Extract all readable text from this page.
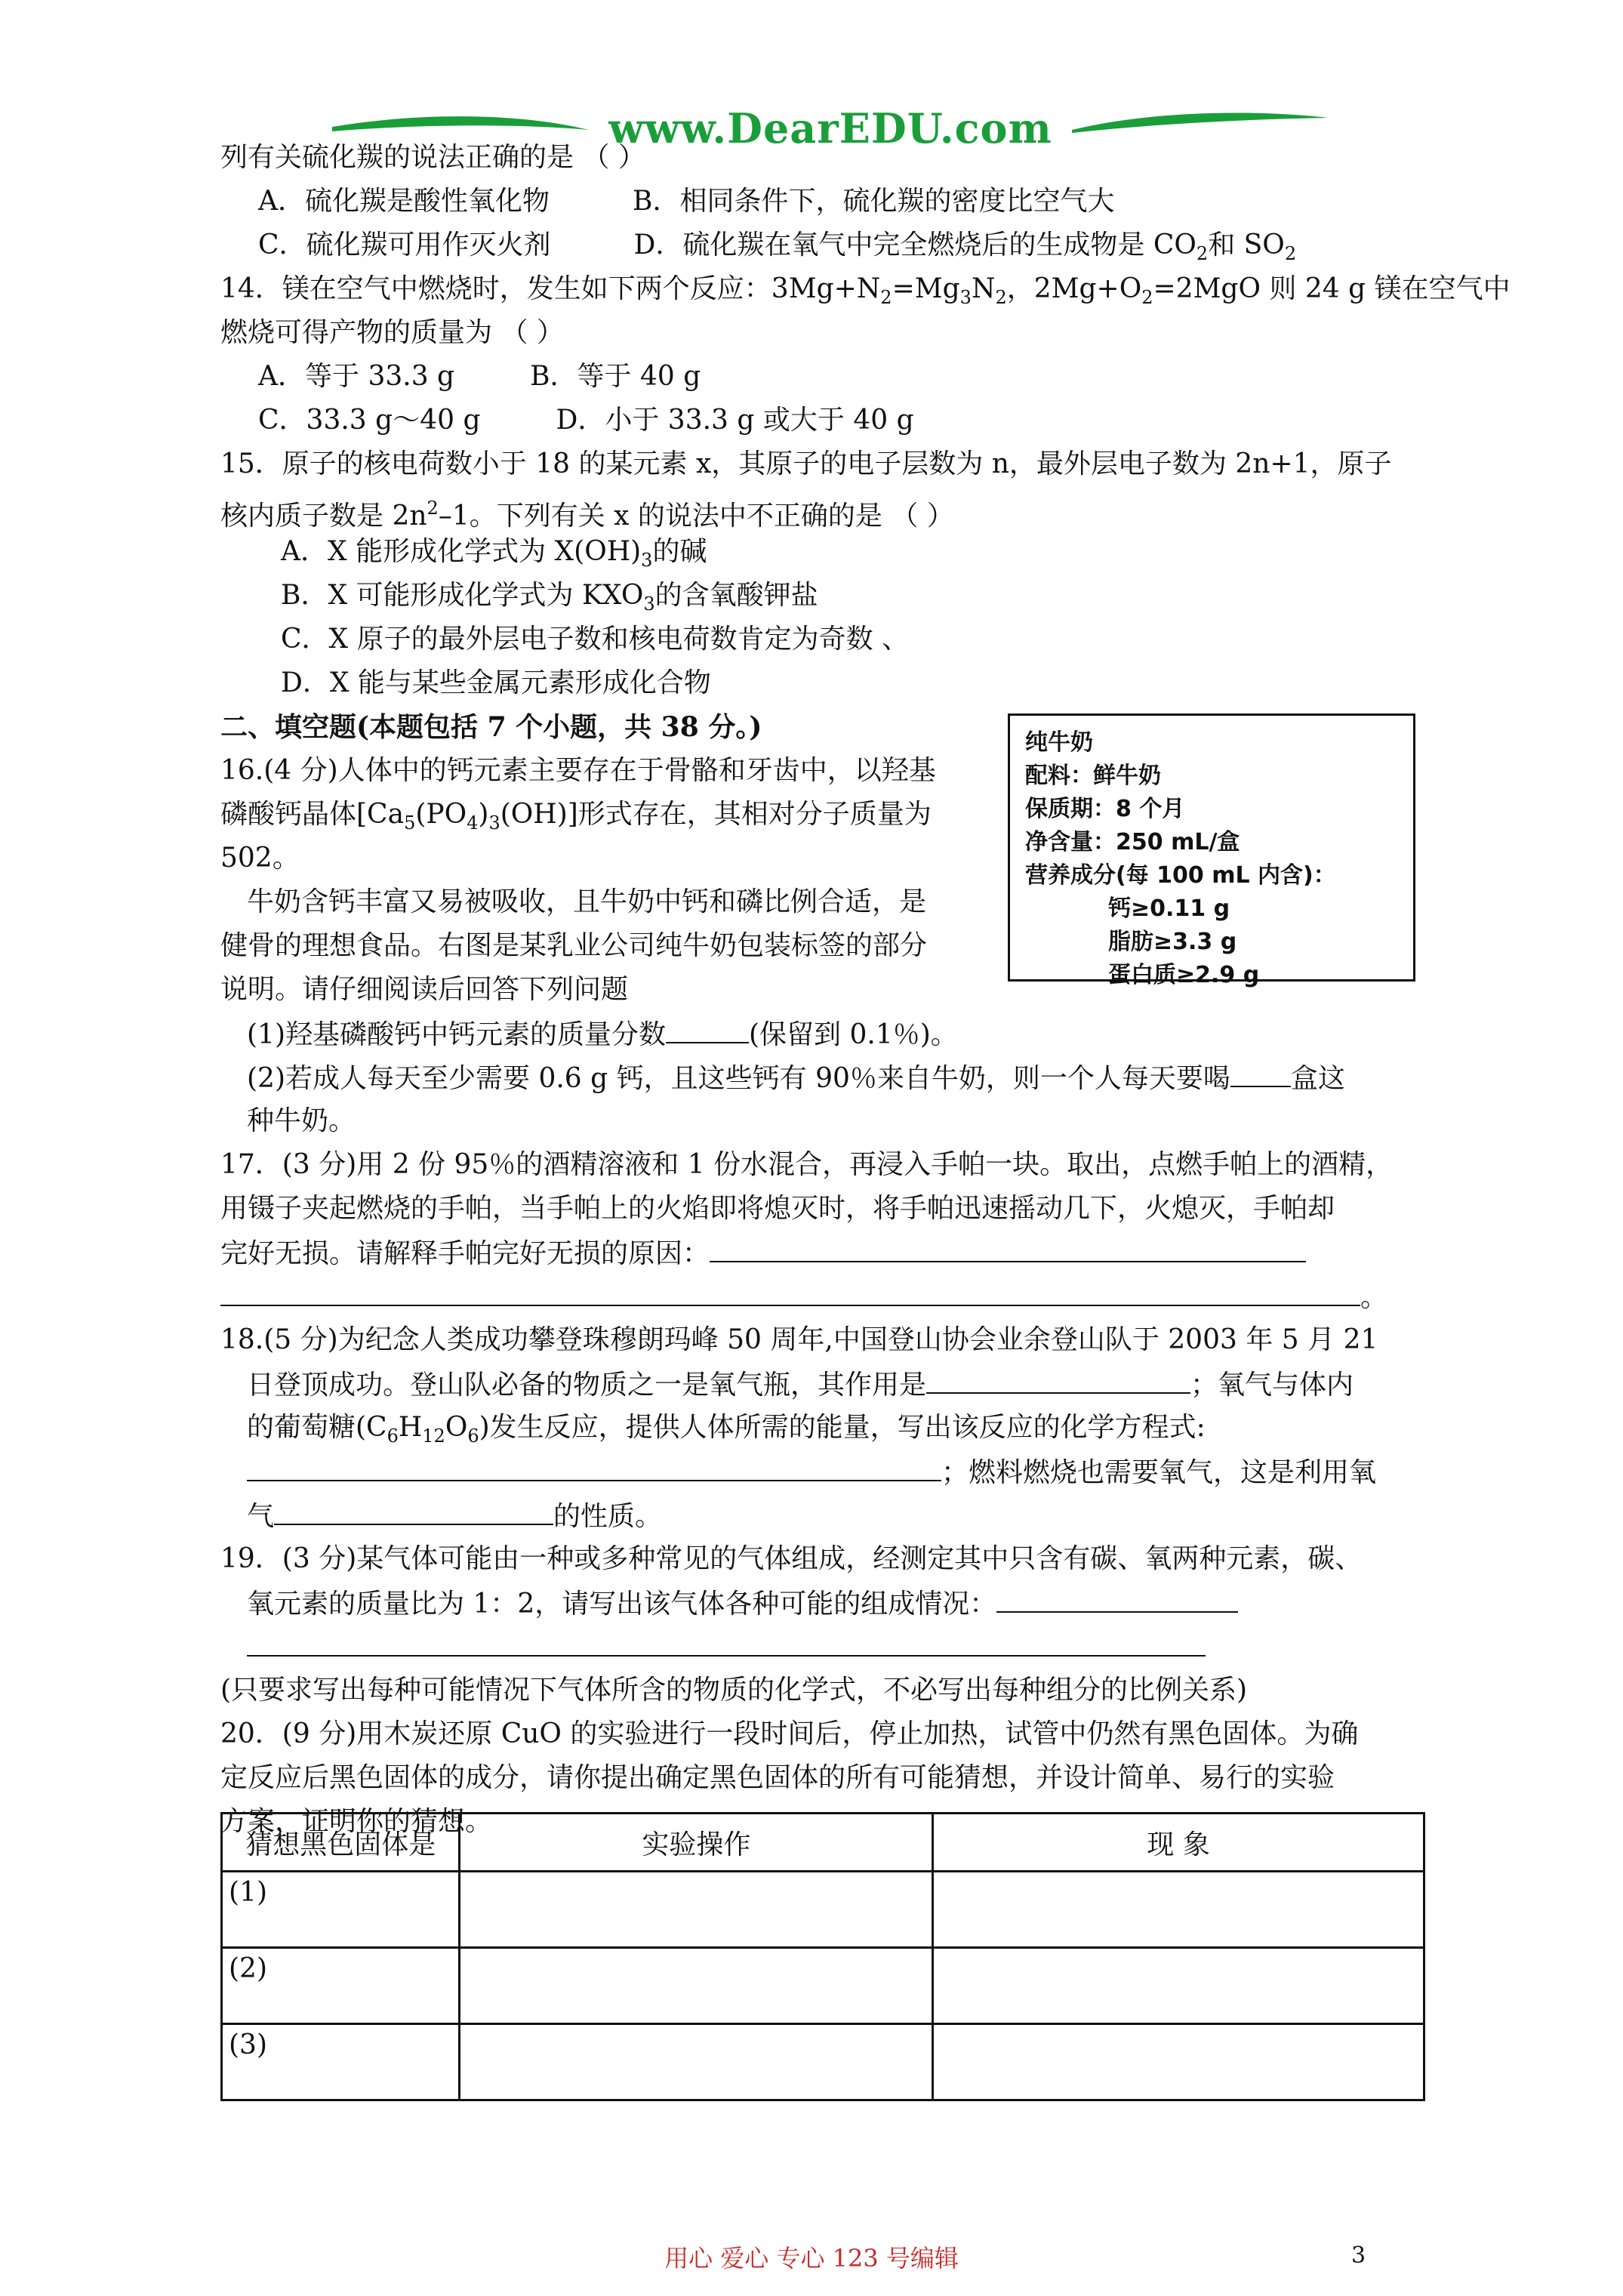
www.DearEDU.com
列有关硫化羰的说法正确的是 （ ）
A．硫化羰是酸性氧化物	B．相同条件下，硫化羰的密度比空气大
C．硫化羰可用作灭火剂	D．硫化羰在氧气中完全燃烧后的生成物是 $CO_2$和 $SO_2$
14．镁在空气中燃烧时，发生如下两个反应：$3Mg+N_2=Mg_3N_2$，$2Mg+O_2=2MgO$ 则 24 g 镁在空气中
燃烧可得产物的质量为 （ ）
A．等于 33.3 g	B．等于 40 g
C．33.3 g～40 g	D．小于 33.3 g 或大于 40 g
15．原子的核电荷数小于 18 的某元素 x，其原子的电子层数为 n，最外层电子数为 2n+1，原子
核内质子数是 $2n^2-1$。下列有关 x 的说法中不正确的是 （ ）
A．X 能形成化学式为 $X(OH)_3$的碱
B．X 可能形成化学式为 $KXO_3$的含氧酸钾盐
C．X 原子的最外层电子数和核电荷数肯定为奇数 、
D．X 能与某些金属元素形成化合物
二、填空题(本题包括 7 个小题，共 38 分。)
16.(4 分)人体中的钙元素主要存在于骨骼和牙齿中，以羟基
磷酸钙晶体$[Ca_5(PO_4)_3(OH)]$形式存在，其相对分子质量为
502。
牛奶含钙丰富又易被吸收，且牛奶中钙和磷比例合适，是
健骨的理想食品。右图是某乳业公司纯牛奶包装标签的部分
说明。请仔细阅读后回答下列问题
(1)羟基磷酸钙中钙元素的质量分数	(保留到 0.1％)。
(2)若成人每天至少需要 0.6 g 钙，且这些钙有 90％来自牛奶，则一个人每天要喝 盒这
种牛奶。
17．(3 分)用 2 份 95％的酒精溶液和 1 份水混合，再浸入手帕一块。取出，点燃手帕上的酒精，
用镊子夹起燃烧的手帕，当手帕上的火焰即将熄灭时，将手帕迅速摇动几下，火熄灭，手帕却
完好无损。请解释手帕完好无损的原因：
。
18.(5 分)为纪念人类成功攀登珠穆朗玛峰 50 周年,中国登山协会业余登山队于 2003 年 5 月 21
日登顶成功。登山队必备的物质之一是氧气瓶，其作用是	；氧气与体内
的葡萄糖$(C_6H_{12}O_6)$发生反应，提供人体所需的能量，写出该反应的化学方程式:
；燃料燃烧也需要氧气，这是利用氧
气	的性质。
19．(3 分)某气体可能由一种或多种常见的气体组成，经测定其中只含有碳、氧两种元素，碳、
氧元素的质量比为 1：2，请写出该气体各种可能的组成情况：
(只要求写出每种可能情况下气体所含的物质的化学式，不必写出每种组分的比例关系)
20．(9 分)用木炭还原 CuO 的实验进行一段时间后，停止加热，试管中仍然有黑色固体。为确
定反应后黑色固体的成分，请你提出确定黑色固体的所有可能猜想，并设计简单、易行的实验
方案，证明你的猜想。
纯牛奶
配料：鲜牛奶
保质期：8 个月
净含量：250 mL/盒
营养成分(每 100 mL 内含)：
钙≥0.11 g
脂肪≥3.3 g
蛋白质≥2.9 g
猜想黑色固体是	实验操作	现 象
(1)		
(2)		
(3)		
用心 爱心 专心 123 号编辑	3
